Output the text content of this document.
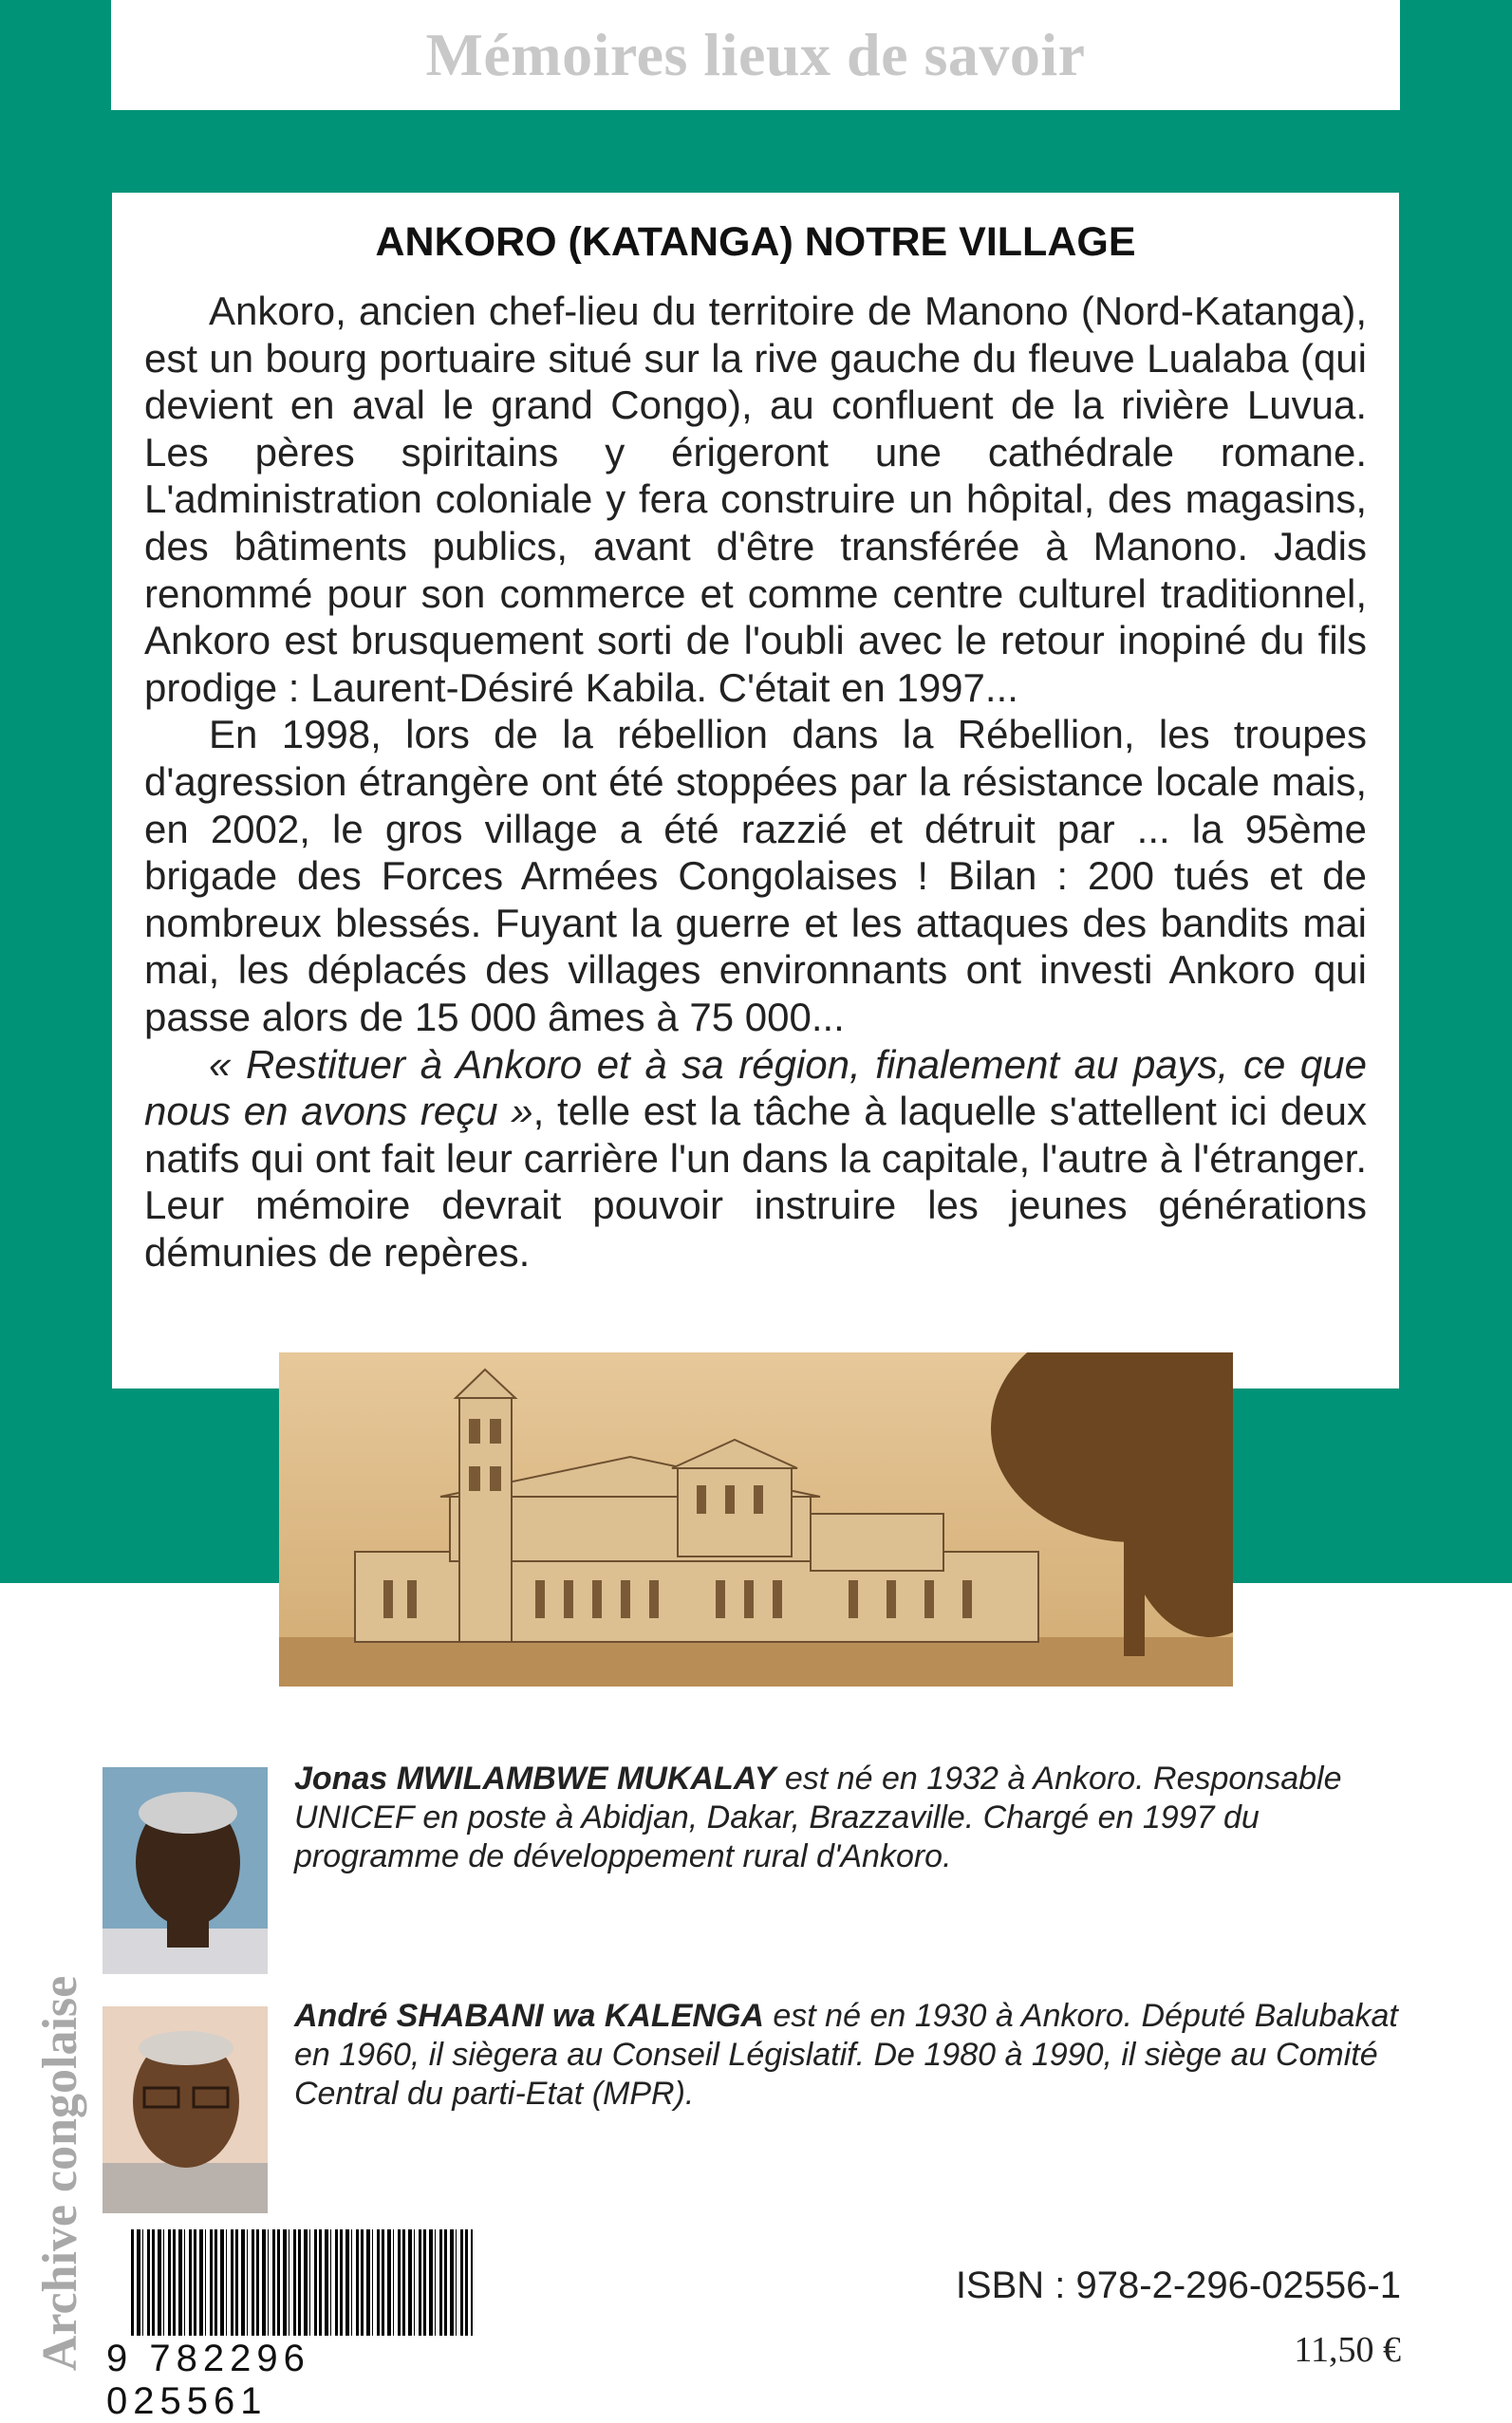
Mémoires lieux de savoir
ANKORO (KATANGA) NOTRE VILLAGE

Ankoro, ancien chef-lieu du territoire de Manono (Nord-Katanga), est un bourg portuaire situé sur la rive gauche du fleuve Lualaba (qui devient en aval le grand Congo), au confluent de la rivière Luvua. Les pères spiritains y érigeront une cathédrale romane. L'administration coloniale y fera construire un hôpital, des magasins, des bâtiments publics, avant d'être transférée à Manono. Jadis renommé pour son commerce et comme centre culturel traditionnel, Ankoro est brusquement sorti de l'oubli avec le retour inopiné du fils prodige : Laurent-Désiré Kabila. C'était en 1997...

En 1998, lors de la rébellion dans la Rébellion, les troupes d'agression étrangère ont été stoppées par la résistance locale mais, en 2002, le gros village a été razzié et détruit par ... la 95ème brigade des Forces Armées Congolaises ! Bilan : 200 tués et de nombreux blessés. Fuyant la guerre et les attaques des bandits mai mai, les déplacés des villages environnants ont investi Ankoro qui passe alors de 15 000 âmes à 75 000...

« Restituer à Ankoro et à sa région, finalement au pays, ce que nous en avons reçu », telle est la tâche à laquelle s'attellent ici deux natifs qui ont fait leur carrière l'un dans la capitale, l'autre à l'étranger. Leur mémoire devrait pouvoir instruire les jeunes générations démunies de repères.

Jonas MWILAMBWE MUKALAY est né en 1932 à Ankoro. Responsable UNICEF en poste à Abidjan, Dakar, Brazzaville. Chargé en 1997 du programme de développement rural d'Ankoro.
André SHABANI wa KALENGA est né en 1930 à Ankoro. Député Balubakat en 1960, il siègera au Conseil Législatif. De 1980 à 1990, il siège au Comité Central du parti-Etat (MPR).
Archive congolaise 9 782296 025561
ISBN : 978-2-296-02556-1
11,50 €
